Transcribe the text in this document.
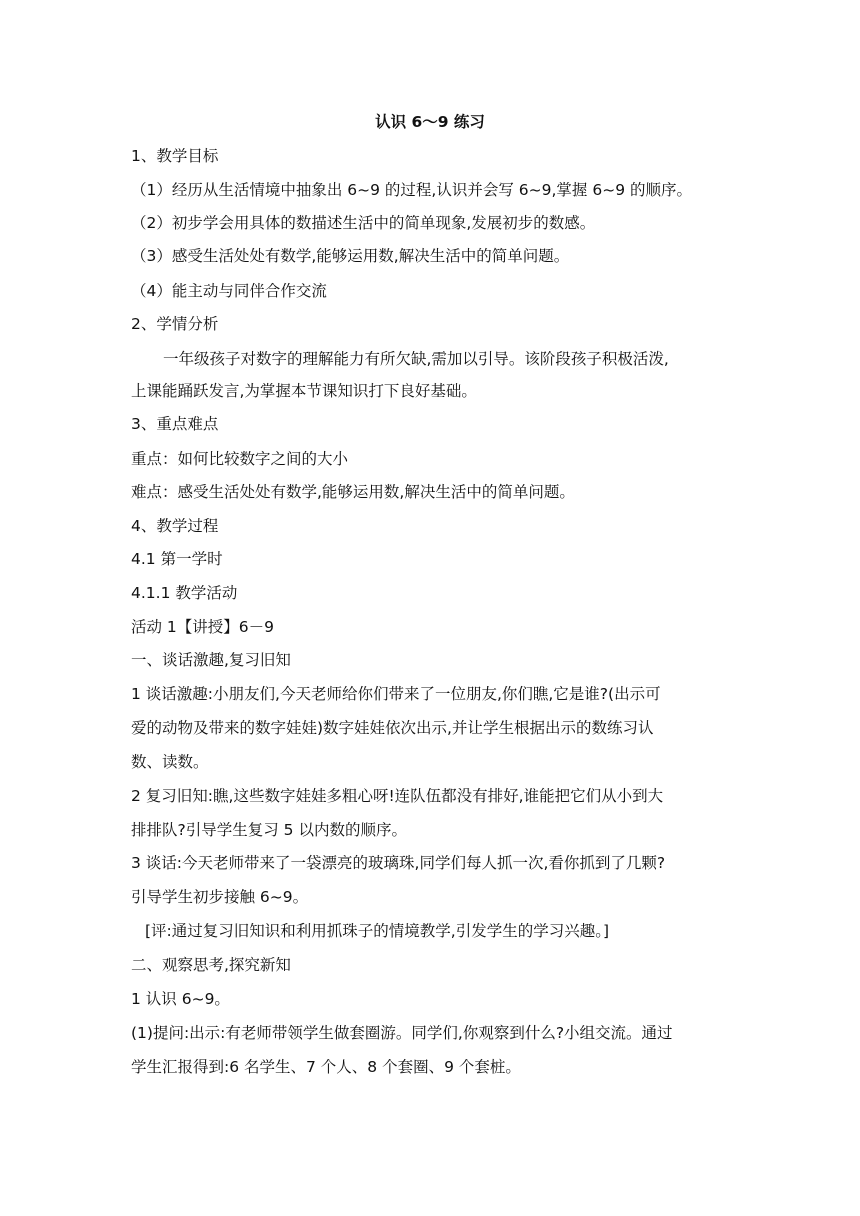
认识 6～9 练习
1、教学目标
（1）经历从生活情境中抽象出 6~9 的过程,认识并会写 6~9,掌握 6~9 的顺序。
（2）初步学会用具体的数描述生活中的简单现象,发展初步的数感。
（3）感受生活处处有数学,能够运用数,解决生活中的简单问题。
（4）能主动与同伴合作交流
2、学情分析
一年级孩子对数字的理解能力有所欠缺,需加以引导。该阶段孩子积极活泼,
上课能踊跃发言,为掌握本节课知识打下良好基础。
3、重点难点
重点：如何比较数字之间的大小
难点：感受生活处处有数学,能够运用数,解决生活中的简单问题。
4、教学过程
4.1 第一学时
4.1.1 教学活动
活动 1【讲授】6－9
一、谈话激趣,复习旧知
1 谈话激趣:小朋友们,今天老师给你们带来了一位朋友,你们瞧,它是谁?(出示可
爱的动物及带来的数字娃娃)数字娃娃依次出示,并让学生根据出示的数练习认
数、读数。
2 复习旧知:瞧,这些数字娃娃多粗心呀!连队伍都没有排好,谁能把它们从小到大
排排队?引导学生复习 5 以内数的顺序。
3 谈话:今天老师带来了一袋漂亮的玻璃珠,同学们每人抓一次,看你抓到了几颗?
引导学生初步接触 6~9。
[评:通过复习旧知识和利用抓珠子的情境教学,引发学生的学习兴趣。]
二、观察思考,探究新知
1 认识 6~9。
(1)提问:出示:有老师带领学生做套圈游。同学们,你观察到什么?小组交流。通过
学生汇报得到:6 名学生、7 个人、8 个套圈、9 个套桩。
